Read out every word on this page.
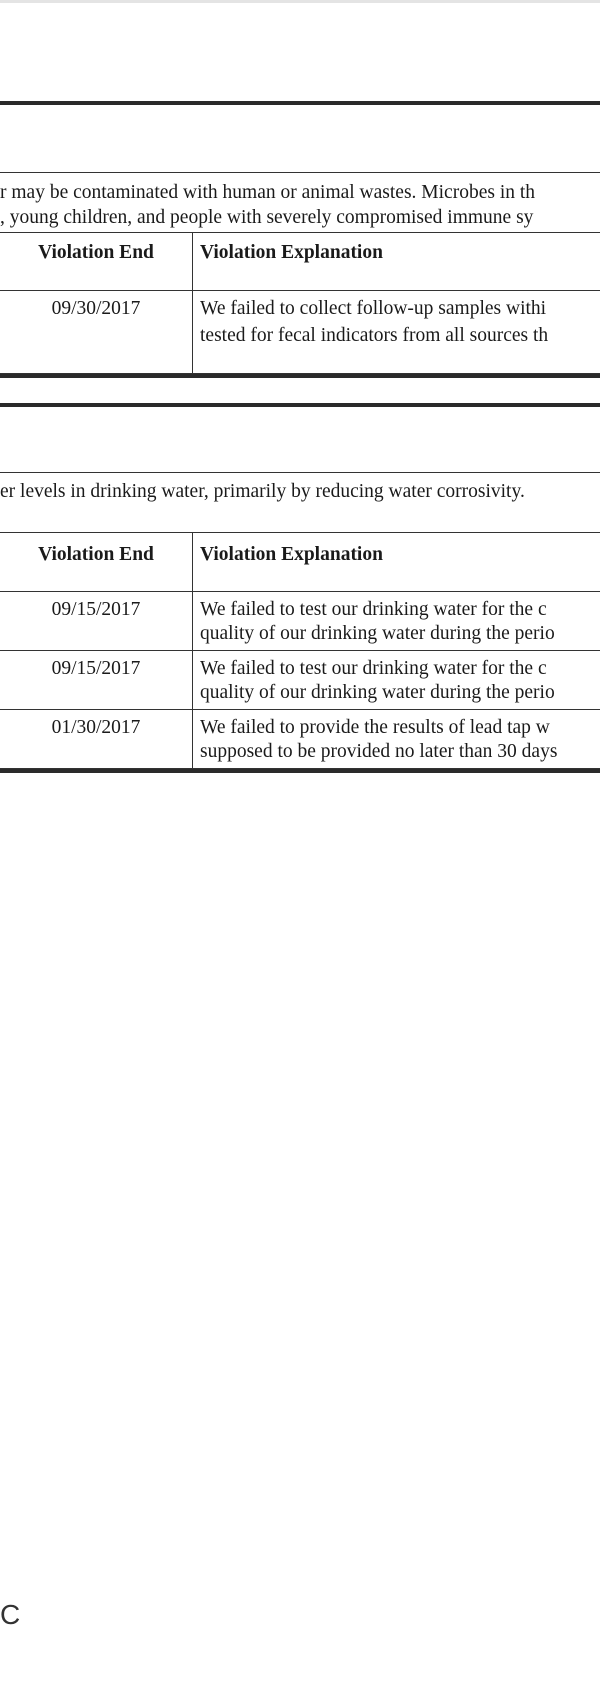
r may be contaminated with human or animal wastes. Microbes in th
, young children, and people with severely compromised immune sy
Violation End	Violation Explanation
09/30/2017	We failed to collect follow-up samples withi
tested for fecal indicators from all sources th
er levels in drinking water, primarily by reducing water corrosivity.
Violation End	Violation Explanation
09/15/2017	We failed to test our drinking water for the c
quality of our drinking water during the perio

09/15/2017	We failed to test our drinking water for the c
quality of our drinking water during the perio

01/30/2017	We failed to provide the results of lead tap w
supposed to be provided no later than 30 days
C
